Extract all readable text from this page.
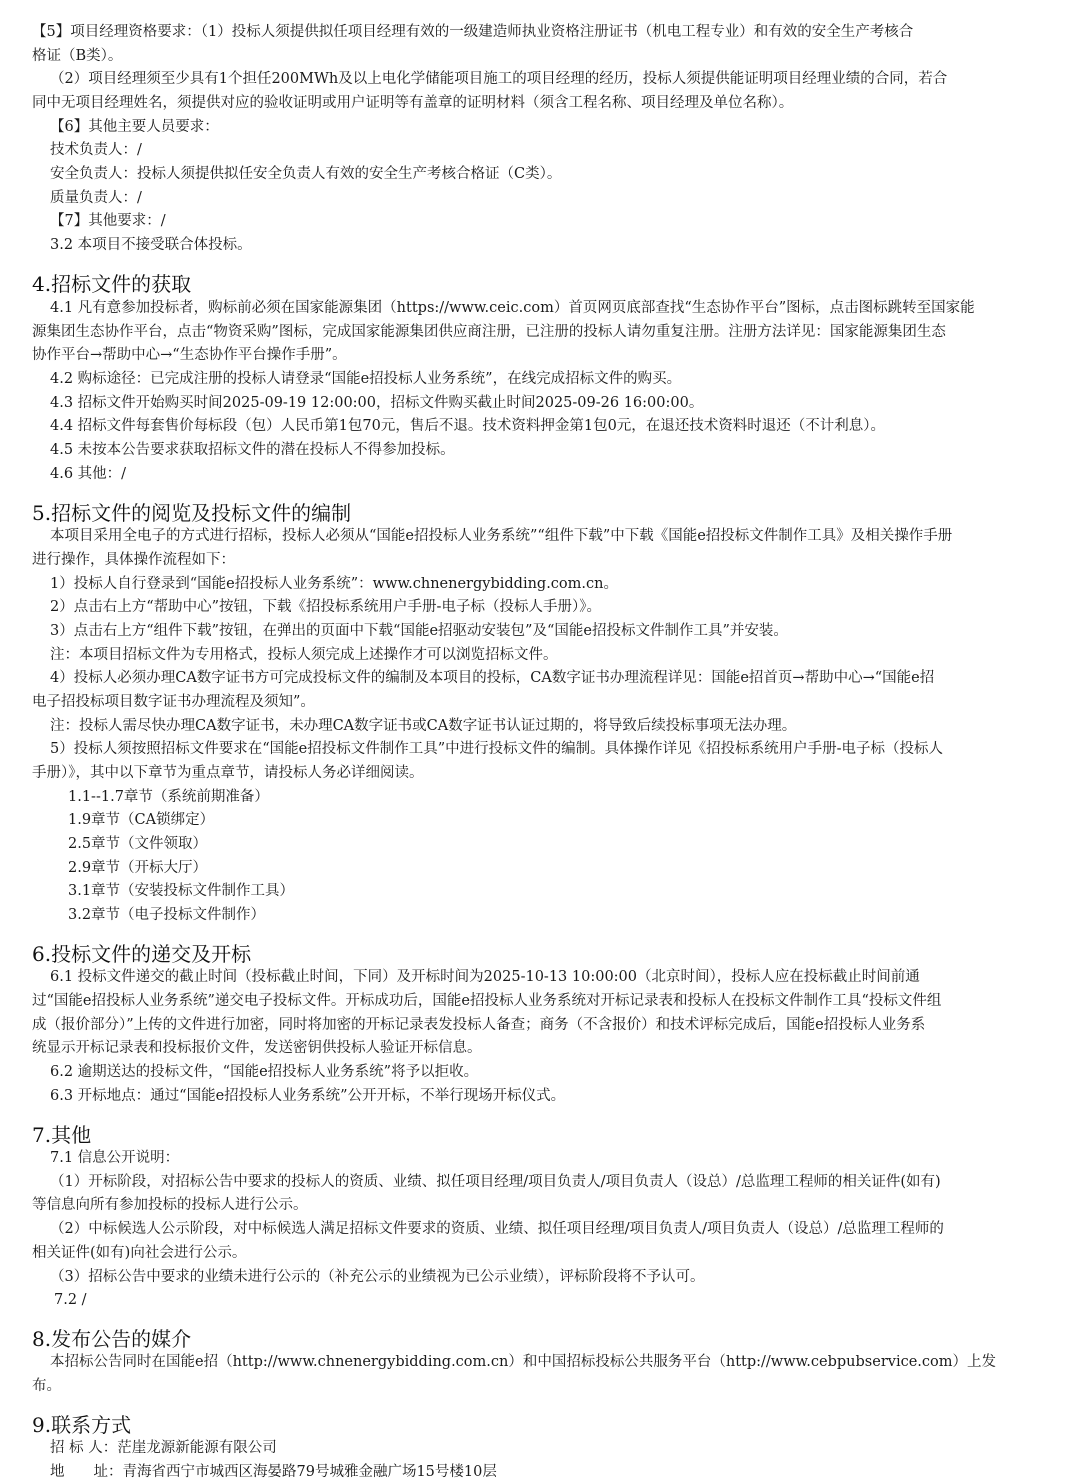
【5】项目经理资格要求：（1）投标人须提供拟任项目经理有效的一级建造师执业资格注册证书（机电工程专业）和有效的安全生产考核合
格证（B类）。
（2）项目经理须至少具有1个担任200MWh及以上电化学储能项目施工的项目经理的经历，投标人须提供能证明项目经理业绩的合同，若合
同中无项目经理姓名，须提供对应的验收证明或用户证明等有盖章的证明材料（须含工程名称、项目经理及单位名称）。
【6】其他主要人员要求：
技术负责人：/
安全负责人：投标人须提供拟任安全负责人有效的安全生产考核合格证（C类）。
质量负责人：/
【7】其他要求：/
3.2 本项目不接受联合体投标。
4.招标文件的获取
4.1 凡有意参加投标者，购标前必须在国家能源集团（https://www.ceic.com）首页网页底部查找“生态协作平台”图标，点击图标跳转至国家能
源集团生态协作平台，点击“物资采购”图标，完成国家能源集团供应商注册，已注册的投标人请勿重复注册。注册方法详见：国家能源集团生态
协作平台→帮助中心→“生态协作平台操作手册”。
4.2 购标途径：已完成注册的投标人请登录“国能e招投标人业务系统”，在线完成招标文件的购买。
4.3 招标文件开始购买时间2025-09-19 12:00:00，招标文件购买截止时间2025-09-26 16:00:00。
4.4 招标文件每套售价每标段（包）人民币第1包70元，售后不退。技术资料押金第1包0元，在退还技术资料时退还（不计利息）。
4.5 未按本公告要求获取招标文件的潜在投标人不得参加投标。
4.6 其他：/
5.招标文件的阅览及投标文件的编制
本项目采用全电子的方式进行招标，投标人必须从“国能e招投标人业务系统”“组件下载”中下载《国能e招投标文件制作工具》及相关操作手册
进行操作，具体操作流程如下：
1）投标人自行登录到“国能e招投标人业务系统”：www.chnenergybidding.com.cn。
2）点击右上方“帮助中心”按钮，下载《招投标系统用户手册-电子标（投标人手册）》。
3）点击右上方“组件下载”按钮，在弹出的页面中下载“国能e招驱动安装包”及“国能e招投标文件制作工具”并安装。
注：本项目招标文件为专用格式，投标人须完成上述操作才可以浏览招标文件。
4）投标人必须办理CA数字证书方可完成投标文件的编制及本项目的投标，CA数字证书办理流程详见：国能e招首页→帮助中心→“国能e招
电子招投标项目数字证书办理流程及须知”。
注：投标人需尽快办理CA数字证书，未办理CA数字证书或CA数字证书认证过期的，将导致后续投标事项无法办理。
5）投标人须按照招标文件要求在“国能e招投标文件制作工具”中进行投标文件的编制。具体操作详见《招投标系统用户手册-电子标（投标人
手册）》，其中以下章节为重点章节，请投标人务必详细阅读。
1.1--1.7章节（系统前期准备）
1.9章节（CA锁绑定）
2.5章节（文件领取）
2.9章节（开标大厅）
3.1章节（安装投标文件制作工具）
3.2章节（电子投标文件制作）
6.投标文件的递交及开标
6.1 投标文件递交的截止时间（投标截止时间，下同）及开标时间为2025-10-13 10:00:00（北京时间），投标人应在投标截止时间前通
过“国能e招投标人业务系统”递交电子投标文件。开标成功后，国能e招投标人业务系统对开标记录表和投标人在投标文件制作工具“投标文件组
成（报价部分）”上传的文件进行加密，同时将加密的开标记录表发投标人备查；商务（不含报价）和技术评标完成后，国能e招投标人业务系
统显示开标记录表和投标报价文件，发送密钥供投标人验证开标信息。
6.2 逾期送达的投标文件，“国能e招投标人业务系统”将予以拒收。
6.3 开标地点：通过“国能e招投标人业务系统”公开开标，不举行现场开标仪式。
7.其他
7.1 信息公开说明：
（1）开标阶段，对招标公告中要求的投标人的资质、业绩、拟任项目经理/项目负责人/项目负责人（设总）/总监理工程师的相关证件(如有)
等信息向所有参加投标的投标人进行公示。
（2）中标候选人公示阶段，对中标候选人满足招标文件要求的资质、业绩、拟任项目经理/项目负责人/项目负责人（设总）/总监理工程师的
相关证件(如有)向社会进行公示。
（3）招标公告中要求的业绩未进行公示的（补充公示的业绩视为已公示业绩），评标阶段将不予认可。
7.2 /
8.发布公告的媒介
本招标公告同时在国能e招（http://www.chnenergybidding.com.cn）和中国招标投标公共服务平台（http://www.cebpubservice.com）上发
布。
9.联系方式
招 标 人：茫崖龙源新能源有限公司
地　　址：青海省西宁市城西区海晏路79号城雅金融广场15号楼10层
